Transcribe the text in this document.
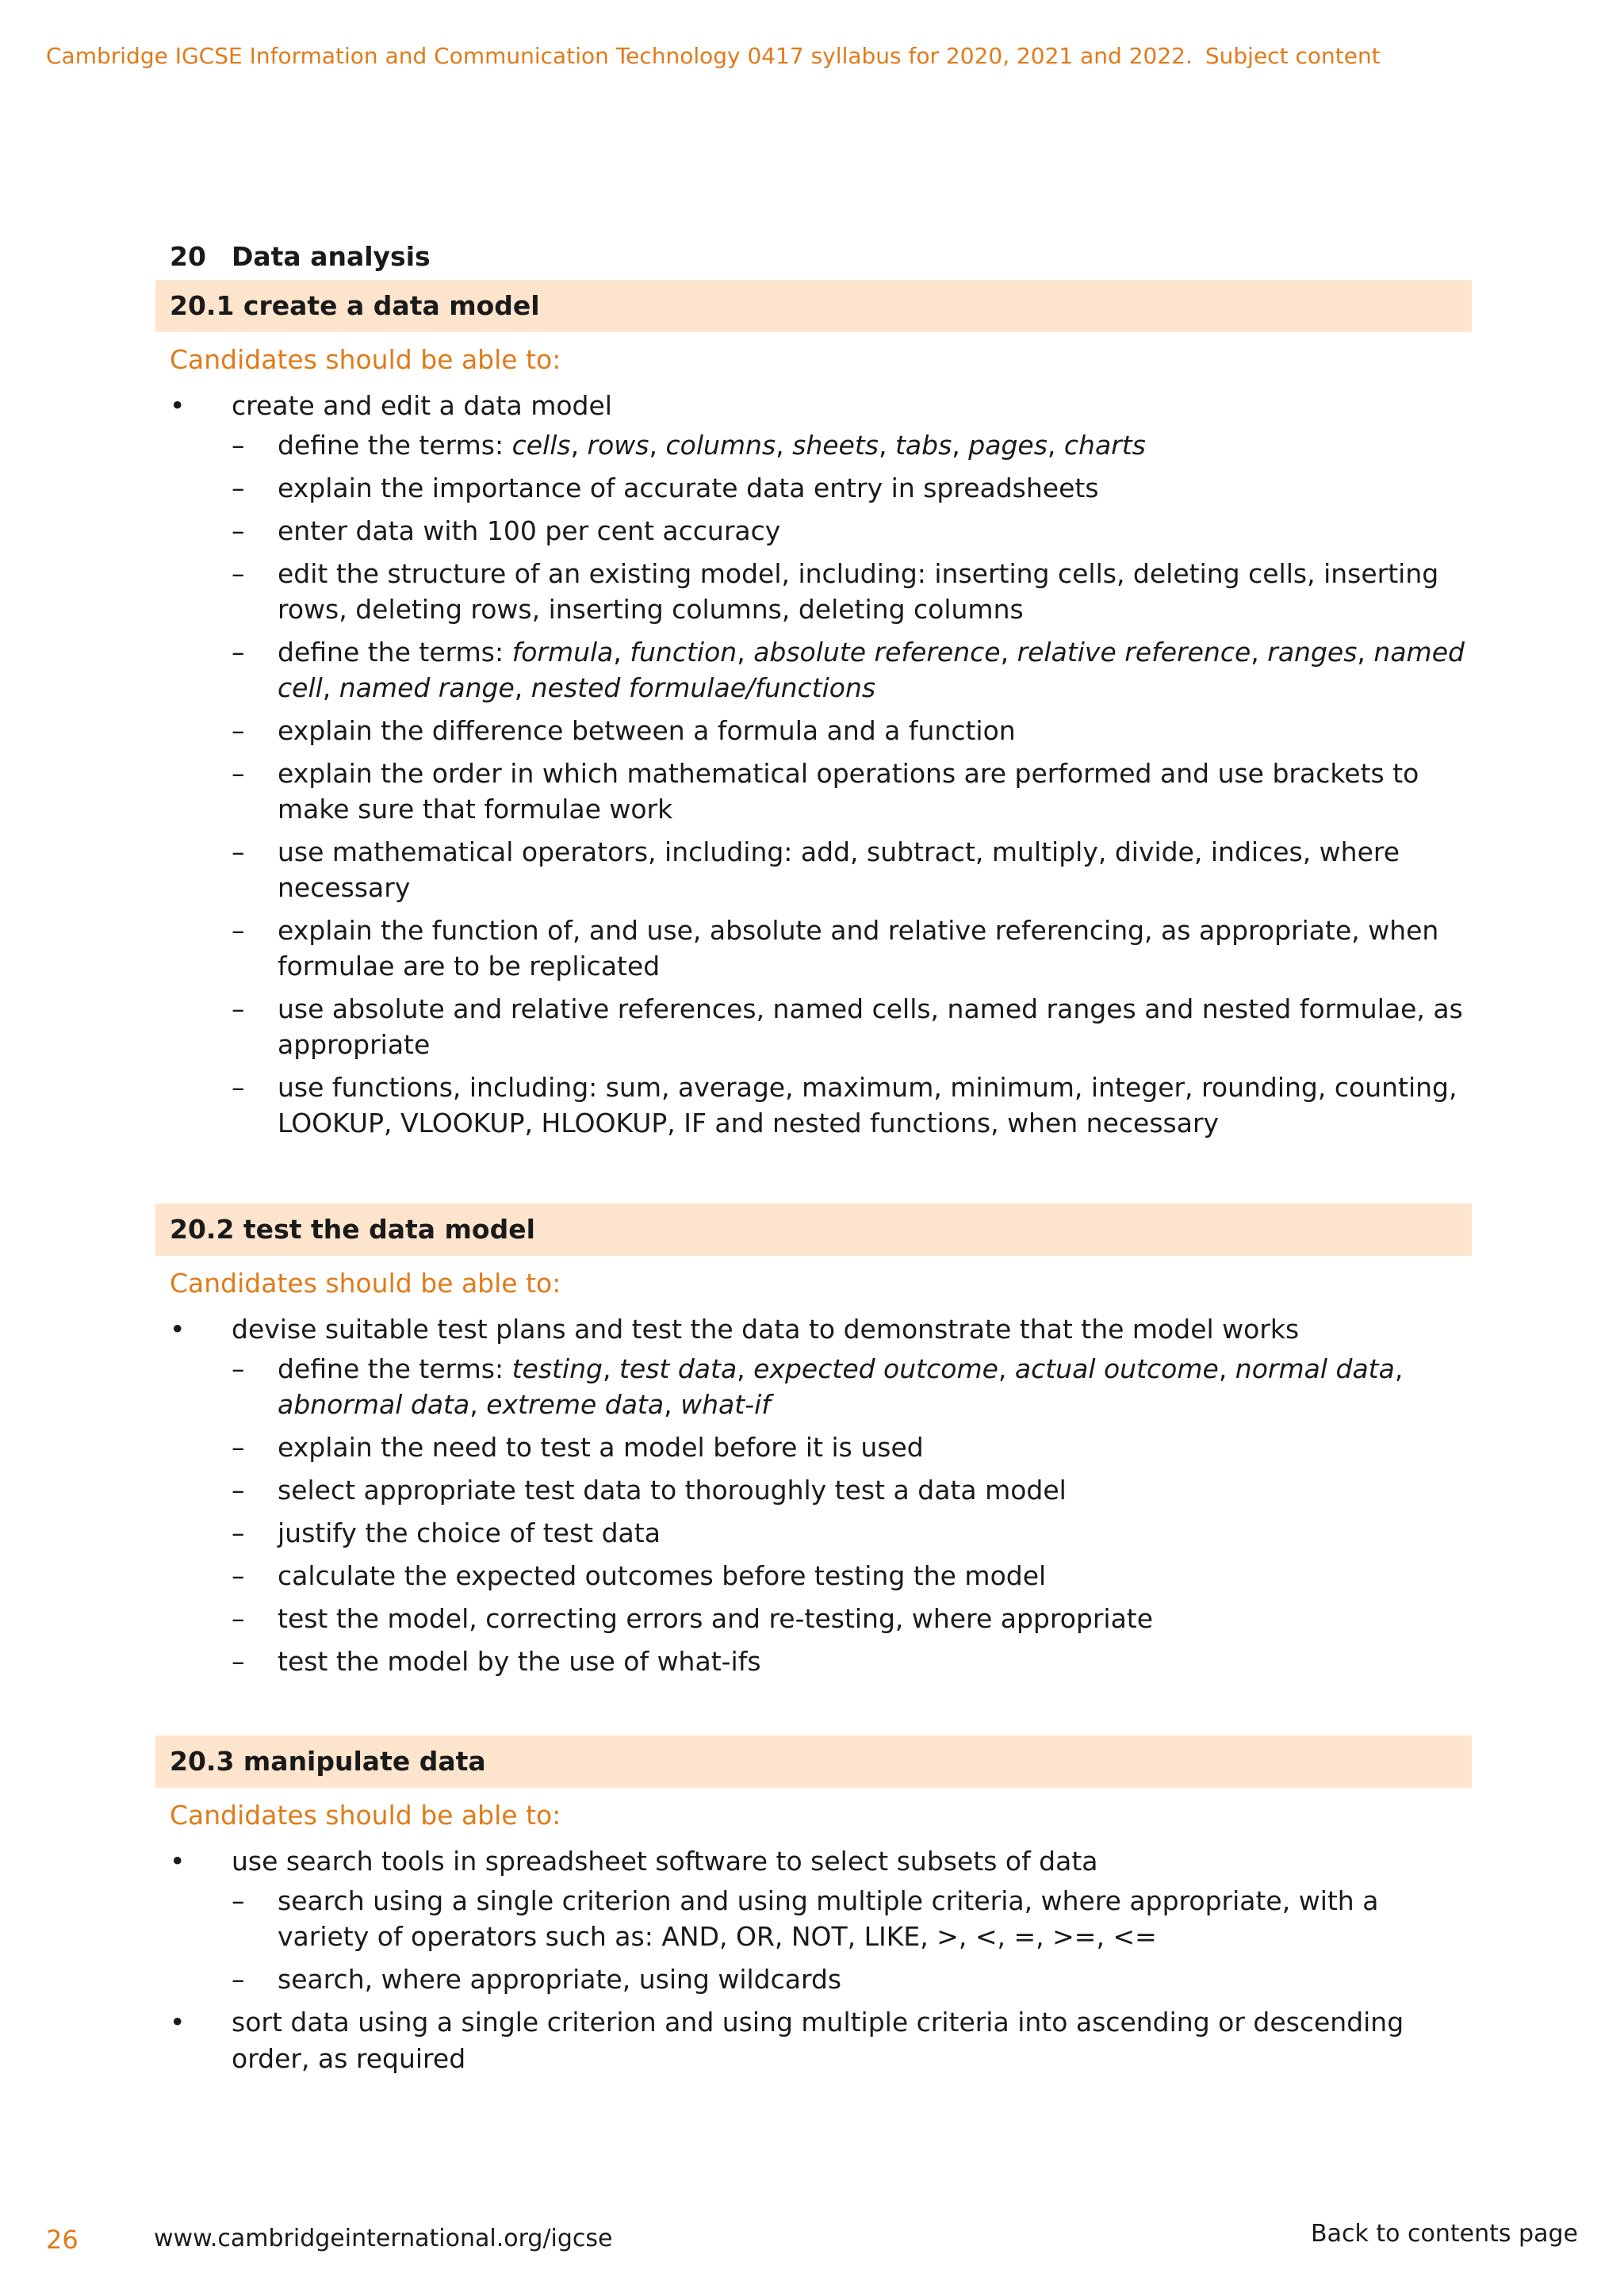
Cambridge IGCSE Information and Communication Technology 0417 syllabus for 2020, 2021 and 2022. Subject content
20 Data analysis
20.1 create a data model
Candidates should be able to:
•	create and edit a data model
–	define the terms: cells, rows, columns, sheets, tabs, pages, charts
–	explain the importance of accurate data entry in spreadsheets
–	enter data with 100 per cent accuracy
–	edit the structure of an existing model, including: inserting cells, deleting cells, inserting rows, deleting rows, inserting columns, deleting columns
–	define the terms: formula, function, absolute reference, relative reference, ranges, named cell, named range, nested formulae/functions
–	explain the difference between a formula and a function
–	explain the order in which mathematical operations are performed and use brackets to make sure that formulae work
–	use mathematical operators, including: add, subtract, multiply, divide, indices, where necessary
–	explain the function of, and use, absolute and relative referencing, as appropriate, when formulae are to be replicated
–	use absolute and relative references, named cells, named ranges and nested formulae, as appropriate
–	use functions, including: sum, average, maximum, minimum, integer, rounding, counting, LOOKUP, VLOOKUP, HLOOKUP, IF and nested functions, when necessary
20.2 test the data model
Candidates should be able to:
•	devise suitable test plans and test the data to demonstrate that the model works
–	define the terms: testing, test data, expected outcome, actual outcome, normal data, abnormal data, extreme data, what-if
–	explain the need to test a model before it is used
–	select appropriate test data to thoroughly test a data model
–	justify the choice of test data
–	calculate the expected outcomes before testing the model
–	test the model, correcting errors and re-testing, where appropriate
–	test the model by the use of what-ifs
20.3 manipulate data
Candidates should be able to:
•	use search tools in spreadsheet software to select subsets of data
–	search using a single criterion and using multiple criteria, where appropriate, with a variety of operators such as: AND, OR, NOT, LIKE, >, <, =, >=, <=
–	search, where appropriate, using wildcards
•	sort data using a single criterion and using multiple criteria into ascending or descending order, as required
26	www.cambridgeinternational.org/igcse	Back to contents page
